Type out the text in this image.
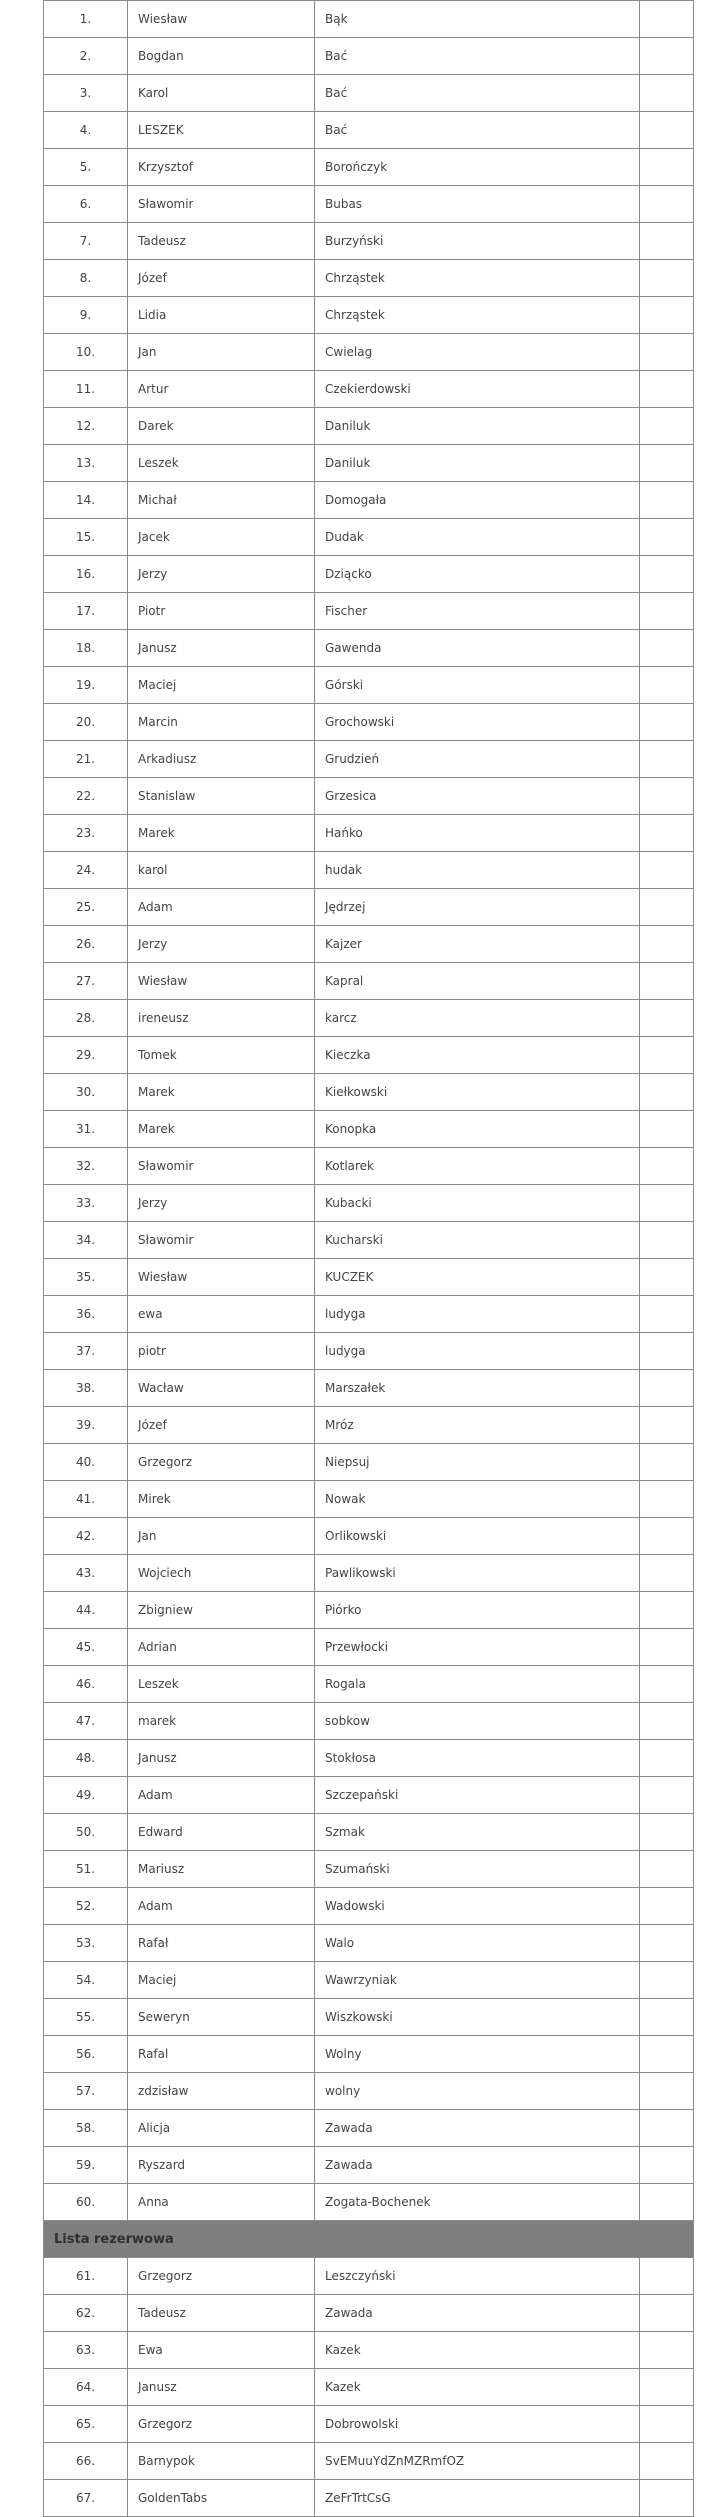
1.	Wiesław	Bąk	
2.	Bogdan	Bać	
3.	Karol	Bać	
4.	LESZEK	Bać	
5.	Krzysztof	Borończyk	
6.	Sławomir	Bubas	
7.	Tadeusz	Burzyński	
8.	Józef	Chrząstek	
9.	Lidia	Chrząstek	
10.	Jan	Cwielag	
11.	Artur	Czekierdowski	
12.	Darek	Daniluk	
13.	Leszek	Daniluk	
14.	Michał	Domogała	
15.	Jacek	Dudak	
16.	Jerzy	Dziącko	
17.	Piotr	Fischer	
18.	Janusz	Gawenda	
19.	Maciej	Górski	
20.	Marcin	Grochowski	
21.	Arkadiusz	Grudzień	
22.	Stanislaw	Grzesica	
23.	Marek	Hańko	
24.	karol	hudak	
25.	Adam	Jędrzej	
26.	Jerzy	Kajzer	
27.	Wiesław	Kapral	
28.	ireneusz	karcz	
29.	Tomek	Kieczka	
30.	Marek	Kiełkowski	
31.	Marek	Konopka	
32.	Sławomir	Kotlarek	
33.	Jerzy	Kubacki	
34.	Sławomir	Kucharski	
35.	Wiesław	KUCZEK	
36.	ewa	ludyga	
37.	piotr	ludyga	
38.	Wacław	Marszałek	
39.	Józef	Mróz	
40.	Grzegorz	Niepsuj	
41.	Mirek	Nowak	
42.	Jan	Orlikowski	
43.	Wojciech	Pawlikowski	
44.	Zbigniew	Piórko	
45.	Adrian	Przewłocki	
46.	Leszek	Rogala	
47.	marek	sobkow	
48.	Janusz	Stokłosa	
49.	Adam	Szczepański	
50.	Edward	Szmak	
51.	Mariusz	Szumański	
52.	Adam	Wadowski	
53.	Rafał	Walo	
54.	Maciej	Wawrzyniak	
55.	Seweryn	Wiszkowski	
56.	Rafal	Wolny	
57.	zdzisław	wolny	
58.	Alicja	Zawada	
59.	Ryszard	Zawada	
60.	Anna	Zogata-Bochenek	
Lista rezerwowa			
61.	Grzegorz	Leszczyński	
62.	Tadeusz	Zawada	
63.	Ewa	Kazek	
64.	Janusz	Kazek	
65.	Grzegorz	Dobrowolski	
66.	Barnypok	SvEMuuYdZnMZRmfOZ	
67.	GoldenTabs	ZeFrTrtCsG	
